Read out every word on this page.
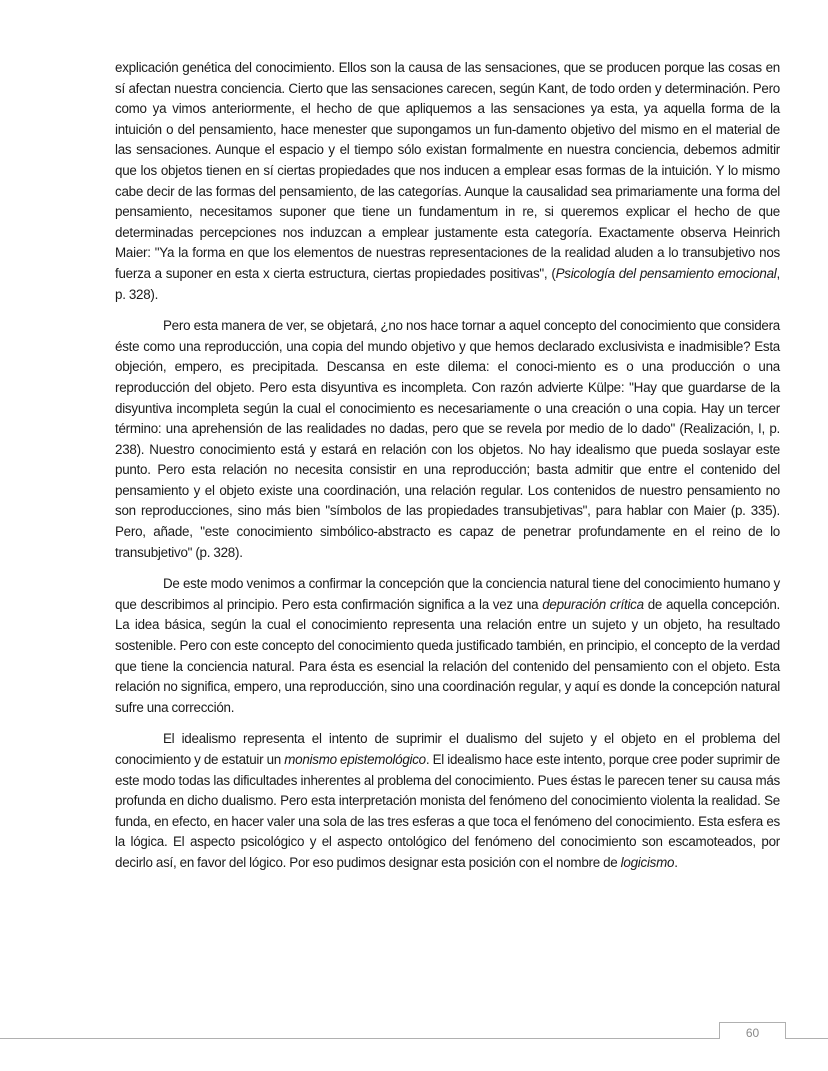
explicación genética del conocimiento. Ellos son la causa de las sensaciones, que se producen porque las cosas en sí afectan nuestra conciencia. Cierto que las sensaciones carecen, según Kant, de todo orden y determinación. Pero como ya vimos anteriormente, el hecho de que apliquemos a las sensaciones ya esta, ya aquella forma de la intuición o del pensamiento, hace menester que supongamos un fun-damento objetivo del mismo en el material de las sensaciones. Aunque el espacio y el tiempo sólo existan formalmente en nuestra conciencia, debemos admitir que los objetos tienen en sí ciertas propiedades que nos inducen a emplear esas formas de la intuición. Y lo mismo cabe decir de las formas del pensamiento, de las categorías. Aunque la causalidad sea primariamente una forma del pensamiento, necesitamos suponer que tiene un fundamentum in re, si queremos explicar el hecho de que determinadas percepciones nos induzcan a emplear justamente esta categoría. Exactamente observa Heinrich Maier: "Ya la forma en que los elementos de nuestras representaciones de la realidad aluden a lo transubjetivo nos fuerza a suponer en esta x cierta estructura, ciertas propiedades positivas", (Psicología del pensamiento emocional, p. 328).

Pero esta manera de ver, se objetará, ¿no nos hace tornar a aquel concepto del conocimiento que considera éste como una reproducción, una copia del mundo objetivo y que hemos declarado exclusivista e inadmisible? Esta objeción, empero, es precipitada. Descansa en este dilema: el conoci-miento es o una producción o una reproducción del objeto. Pero esta disyuntiva es incompleta. Con razón advierte Külpe: "Hay que guardarse de la disyuntiva incompleta según la cual el conocimiento es necesariamente o una creación o una copia. Hay un tercer término: una aprehensión de las realidades no dadas, pero que se revela por medio de lo dado" (Realización, I, p. 238). Nuestro conocimiento está y estará en relación con los objetos. No hay idealismo que pueda soslayar este punto. Pero esta relación no necesita consistir en una reproducción; basta admitir que entre el contenido del pensamiento y el objeto existe una coordinación, una relación regular. Los contenidos de nuestro pensamiento no son reproducciones, sino más bien "símbolos de las propiedades transubjetivas", para hablar con Maier (p. 335). Pero, añade, "este conocimiento simbólico-abstracto es capaz de penetrar profundamente en el reino de lo transubjetivo" (p. 328).

De este modo venimos a confirmar la concepción que la conciencia natural tiene del conocimiento humano y que describimos al principio. Pero esta confirmación significa a la vez una depuración crítica de aquella concepción. La idea básica, según la cual el conocimiento representa una relación entre un sujeto y un objeto, ha resultado sostenible. Pero con este concepto del conocimiento queda justificado también, en principio, el concepto de la verdad que tiene la conciencia natural. Para ésta es esencial la relación del contenido del pensamiento con el objeto. Esta relación no significa, empero, una reproducción, sino una coordinación regular, y aquí es donde la concepción natural sufre una corrección.

El idealismo representa el intento de suprimir el dualismo del sujeto y el objeto en el problema del conocimiento y de estatuir un monismo epistemológico. El idealismo hace este intento, porque cree poder suprimir de este modo todas las dificultades inherentes al problema del conocimiento. Pues éstas le parecen tener su causa más profunda en dicho dualismo. Pero esta interpretación monista del fenómeno del conocimiento violenta la realidad. Se funda, en efecto, en hacer valer una sola de las tres esferas a que toca el fenómeno del conocimiento. Esta esfera es la lógica. El aspecto psicológico y el aspecto ontológico del fenómeno del conocimiento son escamoteados, por decirlo así, en favor del lógico. Por eso pudimos designar esta posición con el nombre de logicismo.

60
